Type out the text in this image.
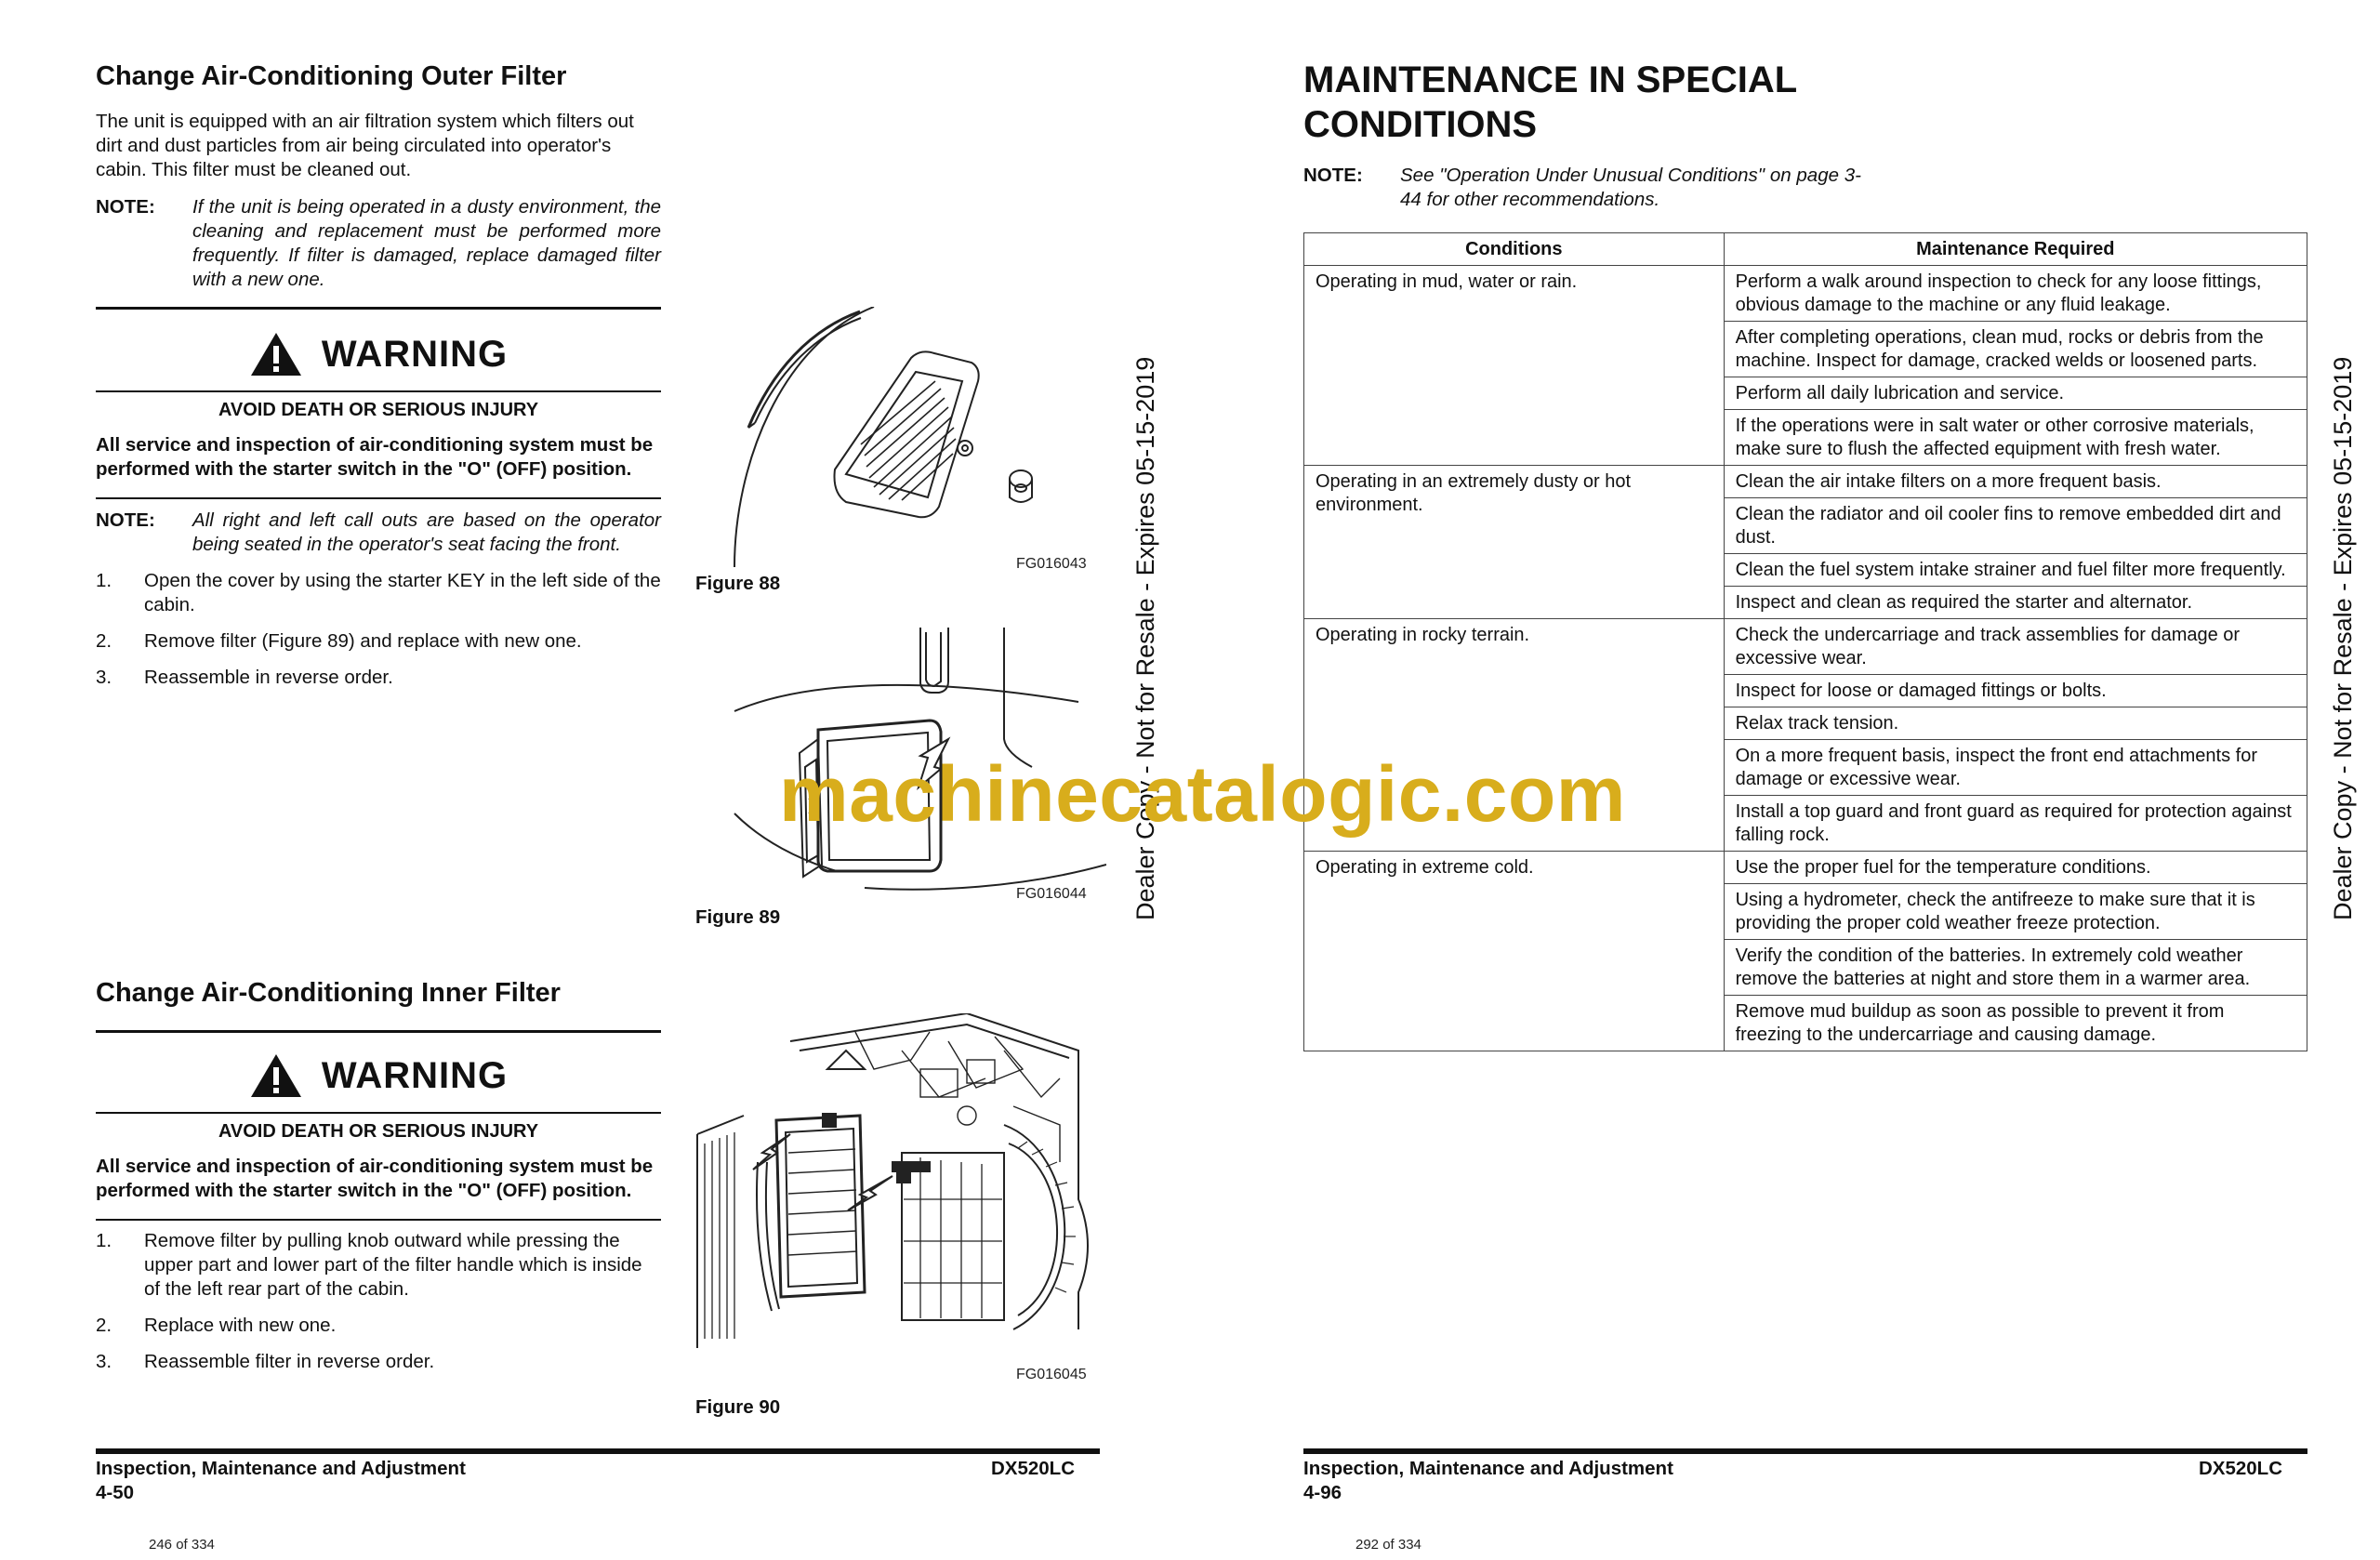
Change Air-Conditioning Outer Filter
The unit is equipped with an air filtration system which filters out dirt and dust particles from air being circulated into operator's cabin. This filter must be cleaned out.
NOTE:	If the unit is being operated in a dusty environment, the cleaning and replacement must be performed more frequently. If filter is damaged, replace damaged filter with a new one.
WARNING
AVOID DEATH OR SERIOUS INJURY
All service and inspection of air-conditioning system must be performed with the starter switch in the "O" (OFF) position.
NOTE:	All right and left call outs are based on the operator being seated in the operator's seat facing the front.
1.	Open the cover by using the starter KEY in the left side of the cabin.
2.	Remove filter (Figure 89) and replace with new one.
3.	Reassemble in reverse order.
FG016043
Figure 88
FG016044
Figure 89
Change Air-Conditioning Inner Filter
WARNING
AVOID DEATH OR SERIOUS INJURY
All service and inspection of air-conditioning system must be performed with the starter switch in the "O" (OFF) position.
1.	Remove filter by pulling knob outward while pressing the upper part and lower part of the filter handle which is inside of the left rear part of the cabin.
2.	Replace with new one.
3.	Reassemble filter in reverse order.
FG016045
Figure 90
Inspection, Maintenance and Adjustment
4-50
DX520LC
246 of 334
Dealer Copy - Not for Resale - Expires 05-15-2019
MAINTENANCE IN SPECIAL
CONDITIONS
NOTE:	See "Operation Under Unusual Conditions" on page 3-44 for other recommendations.
Conditions	Maintenance Required
Operating in mud, water or rain.	Perform a walk around inspection to check for any loose fittings, obvious damage to the machine or any fluid leakage.
	After completing operations, clean mud, rocks or debris from the machine. Inspect for damage, cracked welds or loosened parts.
	Perform all daily lubrication and service.
	If the operations were in salt water or other corrosive materials, make sure to flush the affected equipment with fresh water.
Operating in an extremely dusty or hot environment.	Clean the air intake filters on a more frequent basis.
	Clean the radiator and oil cooler fins to remove embedded dirt and dust.
	Clean the fuel system intake strainer and fuel filter more frequently.
	Inspect and clean as required the starter and alternator.
Operating in rocky terrain.	Check the undercarriage and track assemblies for damage or excessive wear.
	Inspect for loose or damaged fittings or bolts.
	Relax track tension.
	On a more frequent basis, inspect the front end attachments for damage or excessive wear.
	Install a top guard and front guard as required for protection against falling rock.
Operating in extreme cold.	Use the proper fuel for the temperature conditions.
	Using a hydrometer, check the antifreeze to make sure that it is providing the proper cold weather freeze protection.
	Verify the condition of the batteries. In extremely cold weather remove the batteries at night and store them in a warmer area.
	Remove mud buildup as soon as possible to prevent it from freezing to the undercarriage and causing damage.
Inspection, Maintenance and Adjustment
4-96
DX520LC
292 of 334
Dealer Copy - Not for Resale - Expires 05-15-2019
machinecatalogic.com
